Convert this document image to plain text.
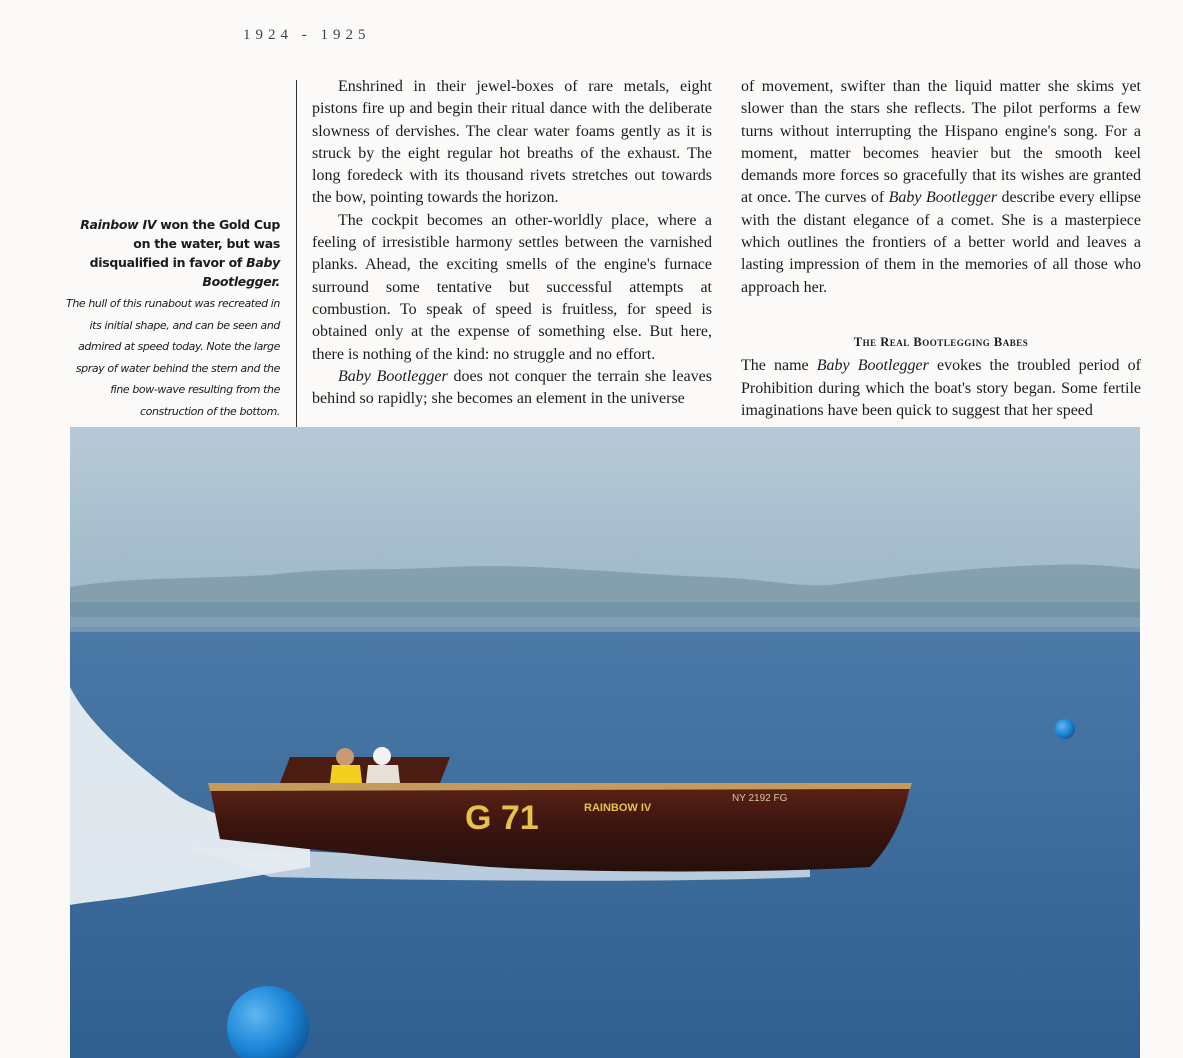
1924 - 1925

Rainbow IV won the Gold Cup on the water, but was disqualified in favor of Baby Bootlegger.

The hull of this runabout was recreated in its initial shape, and can be seen and admired at speed today. Note the large spray of water behind the stern and the fine bow-wave resulting from the construction of the bottom.

Enshrined in their jewel-boxes of rare metals, eight pistons fire up and begin their ritual dance with the deliberate slowness of dervishes. The clear water foams gently as it is struck by the eight regular hot breaths of the exhaust. The long foredeck with its thousand rivets stretches out towards the bow, pointing towards the horizon.

The cockpit becomes an other-worldly place, where a feeling of irresistible harmony settles between the varnished planks. Ahead, the exciting smells of the engine's furnace surround some tentative but successful attempts at combustion. To speak of speed is fruitless, for speed is obtained only at the expense of something else. But here, there is nothing of the kind: no struggle and no effort.

Baby Bootlegger does not conquer the terrain she leaves behind so rapidly; she becomes an element in the universe

of movement, swifter than the liquid matter she skims yet slower than the stars she reflects. The pilot performs a few turns without interrupting the Hispano engine's song. For a moment, matter becomes heavier but the smooth keel demands more forces so gracefully that its wishes are granted at once. The curves of Baby Bootlegger describe every ellipse with the distant elegance of a comet. She is a masterpiece which outlines the frontiers of a better world and leaves a lasting impression of them in the memories of all those who approach her.

The Real Bootlegging Babes

The name Baby Bootlegger evokes the troubled period of Prohibition during which the boat's story began. Some fertile imaginations have been quick to suggest that her speed

G 71	RAINBOW IV
NY 2192 FG
